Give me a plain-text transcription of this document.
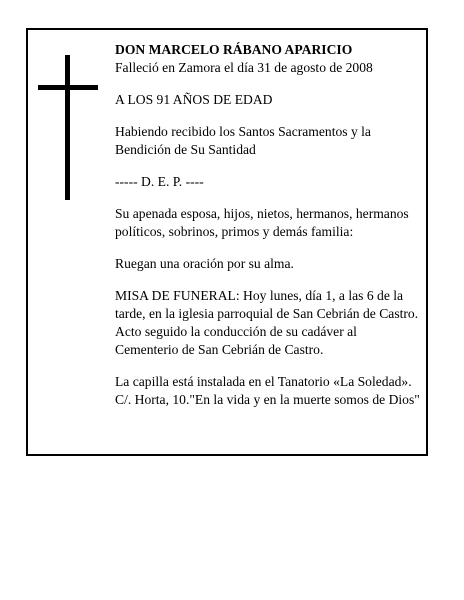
DON MARCELO RÁBANO APARICIO
Falleció en Zamora el día 31 de agosto de 2008

A LOS 91 AÑOS DE EDAD

Habiendo recibido los Santos Sacramentos y la
Bendición de Su Santidad

----- D. E. P. ----

Su apenada esposa, hijos, nietos, hermanos, hermanos
políticos, sobrinos, primos y demás familia:

Ruegan una oración por su alma.

MISA DE FUNERAL: Hoy lunes, día 1, a las 6 de la
tarde, en la iglesia parroquial de San Cebrián de Castro.
Acto seguido la conducción de su cadáver al
Cementerio de San Cebrián de Castro.

La capilla está instalada en el Tanatorio «La Soledad».
C/. Horta, 10."En la vida y en la muerte somos de Dios"
